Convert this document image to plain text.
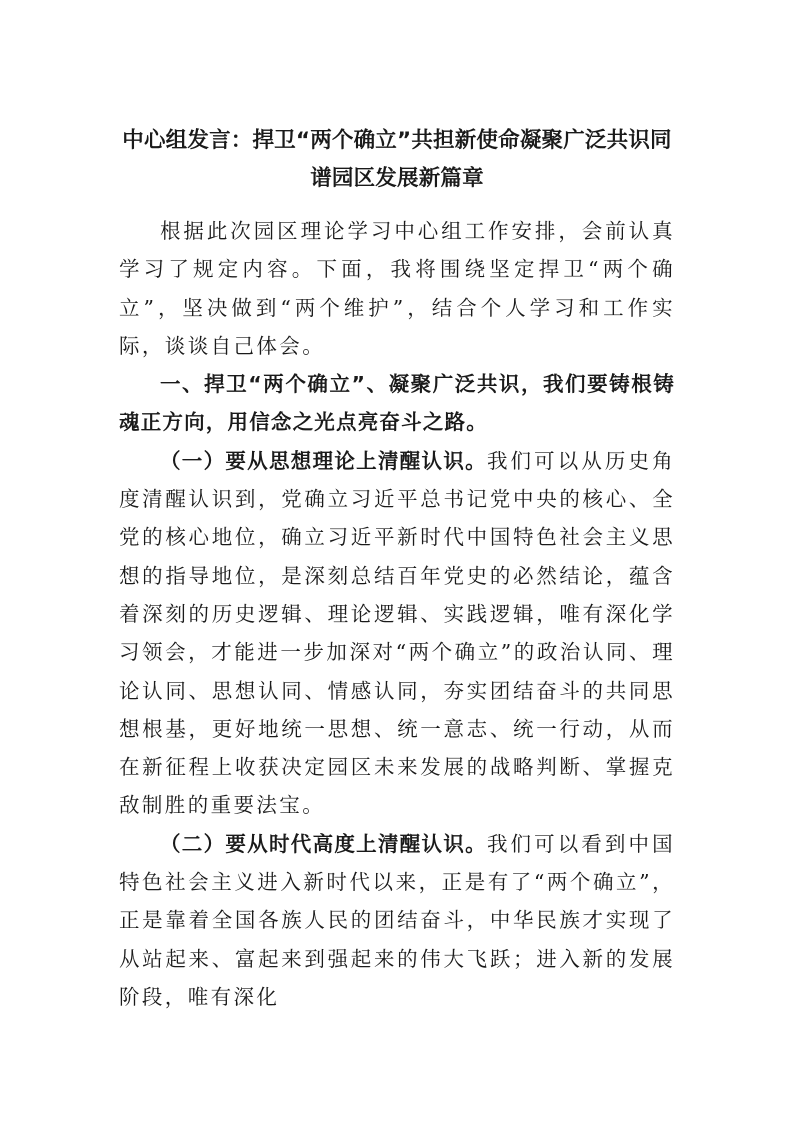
中心组发言：捍卫“两个确立”共担新使命凝聚广泛共识同
谱园区发展新篇章

根据此次园区理论学习中心组工作安排，会前认真学习了规定内容。下面，我将围绕坚定捍卫“两个确立”，坚决做到“两个维护”，结合个人学习和工作实际，谈谈自己体会。

一、捍卫“两个确立”、凝聚广泛共识，我们要铸根铸魂正方向，用信念之光点亮奋斗之路。

（一）要从思想理论上清醒认识。我们可以从历史角度清醒认识到，党确立习近平总书记党中央的核心、全党的核心地位，确立习近平新时代中国特色社会主义思想的指导地位，是深刻总结百年党史的必然结论，蕴含着深刻的历史逻辑、理论逻辑、实践逻辑，唯有深化学习领会，才能进一步加深对“两个确立”的政治认同、理论认同、思想认同、情感认同，夯实团结奋斗的共同思想根基，更好地统一思想、统一意志、统一行动，从而在新征程上收获决定园区未来发展的战略判断、掌握克敌制胜的重要法宝。

（二）要从时代高度上清醒认识。我们可以看到中国特色社会主义进入新时代以来，正是有了“两个确立”，正是靠着全国各族人民的团结奋斗，中华民族才实现了从站起来、富起来到强起来的伟大飞跃；进入新的发展阶段，唯有深化
